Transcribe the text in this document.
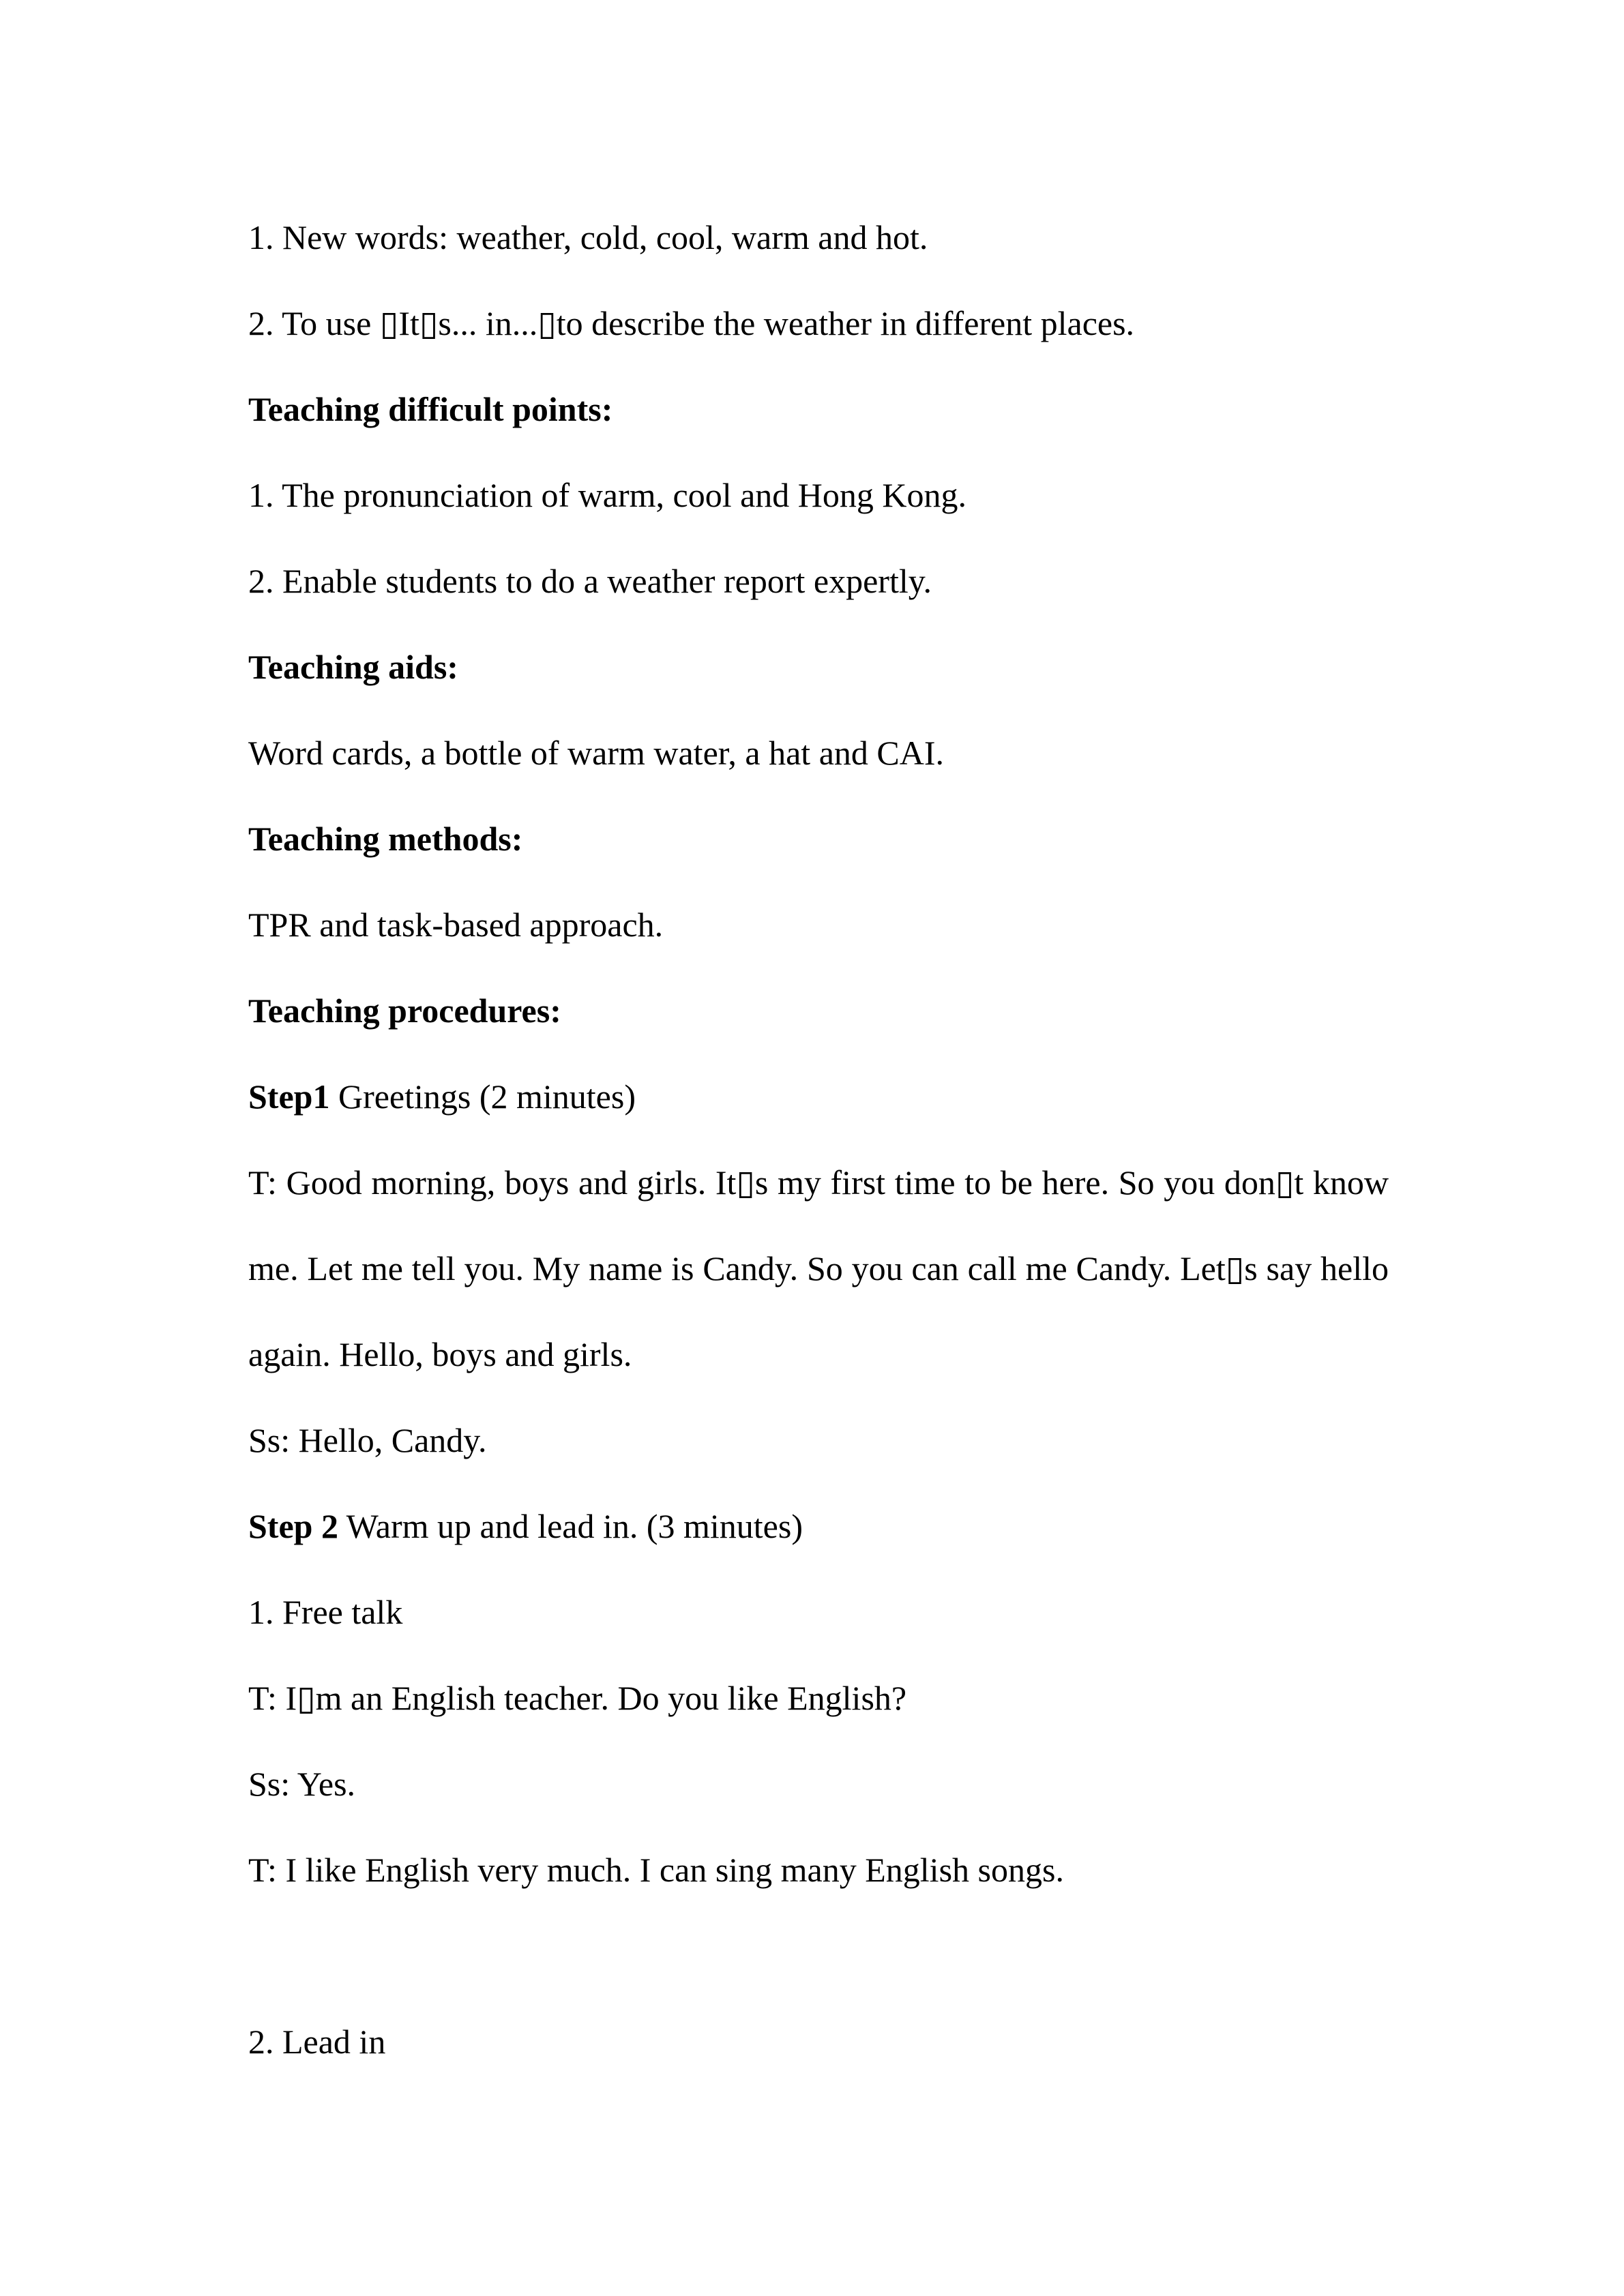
1. New words: weather, cold, cool, warm and hot.
2. To use ▯It▯s... in...▯to describe the weather in different places.
Teaching difficult points:
1. The pronunciation of warm, cool and Hong Kong.
2. Enable students to do a weather report expertly.
Teaching aids:
Word cards, a bottle of warm water, a hat and CAI.
Teaching methods:
TPR and task-based approach.
Teaching procedures:
Step1 Greetings (2 minutes)
T: Good morning, boys and girls. It▯s my first time to be here. So you don▯t know me. Let me tell you. My name is Candy. So you can call me Candy. Let▯s say hello again. Hello, boys and girls.
Ss: Hello, Candy.
Step 2 Warm up and lead in. (3 minutes)
1. Free talk
T: I▯m an English teacher. Do you like English?
Ss: Yes.
T: I like English very much. I can sing many English songs.
2. Lead in
